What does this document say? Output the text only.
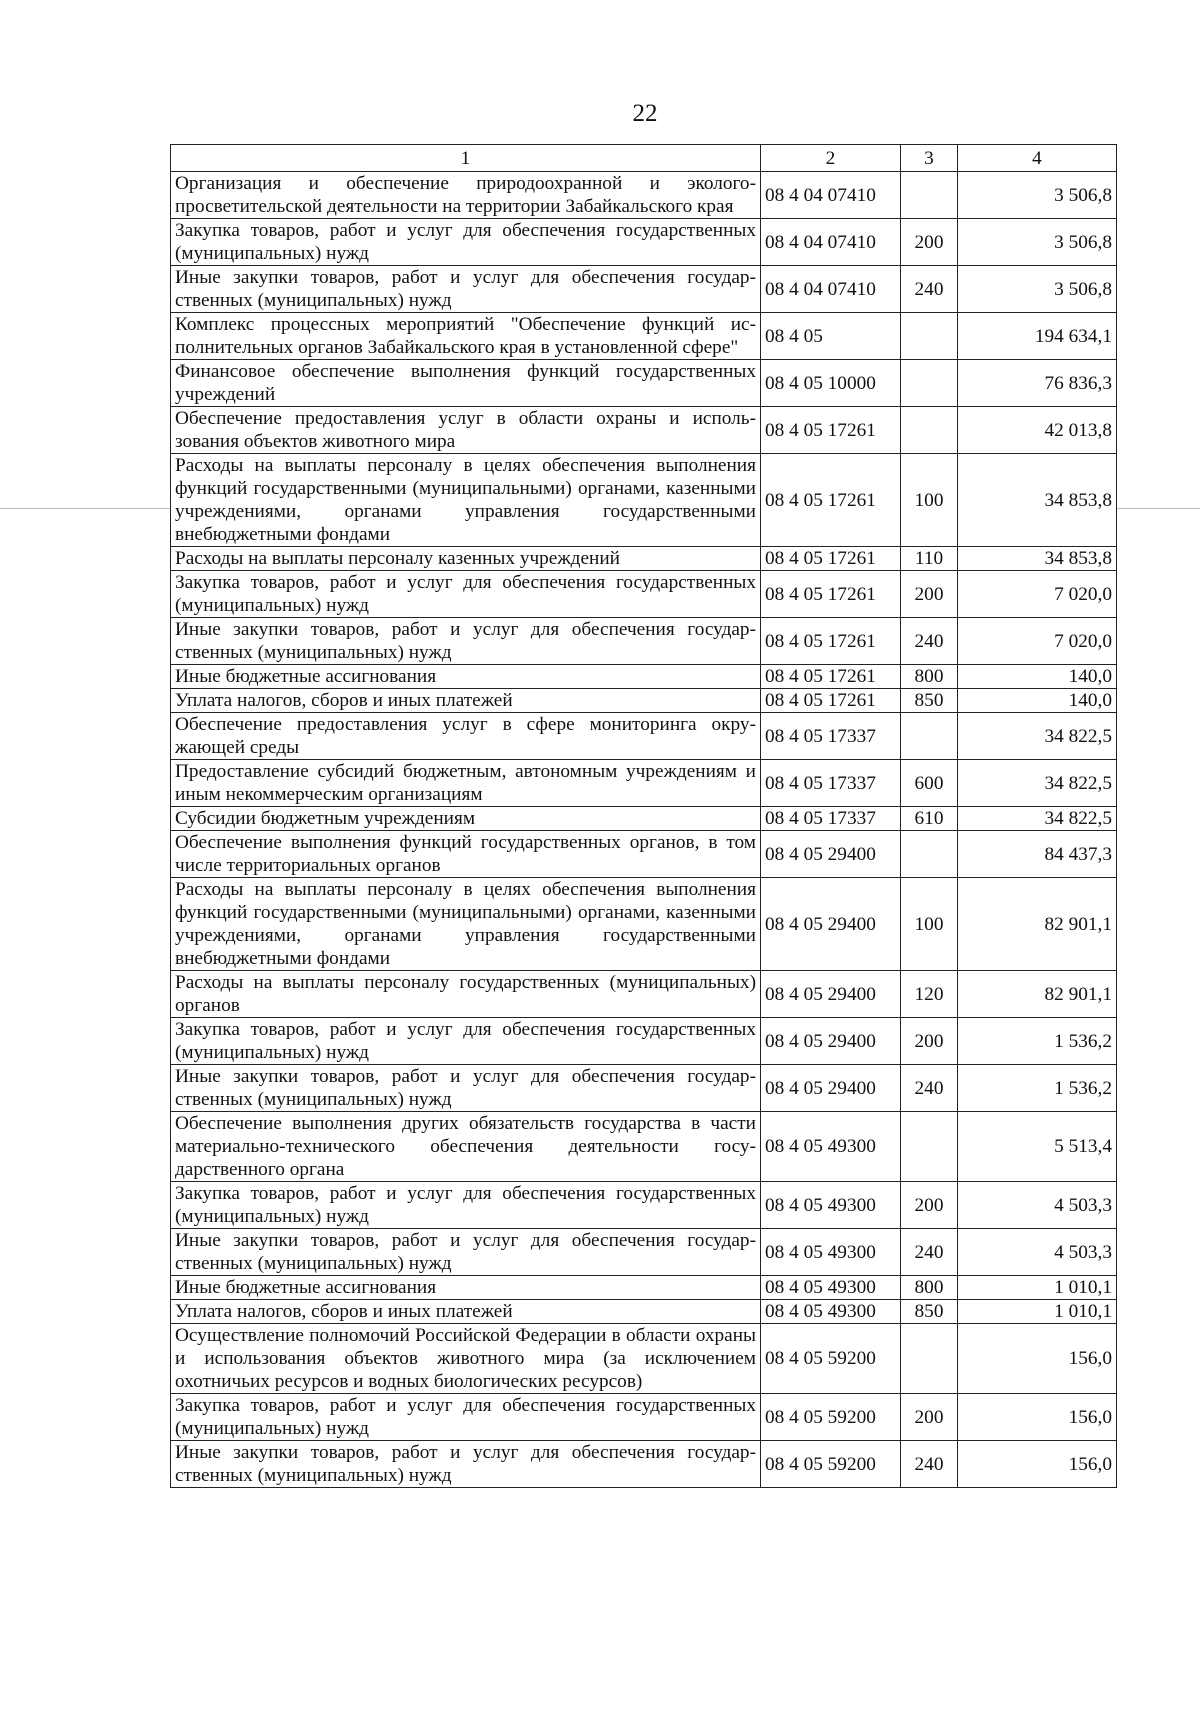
22
1	2	3	4
Организация и обеспечение природоохранной и эколого-просветительской деятельности на территории Забайкальского края	08 4 04 07410		3 506,8
Закупка товаров, работ и услуг для обеспечения государственных (муниципальных) нужд	08 4 04 07410	200	3 506,8
Иные закупки товаров, работ и услуг для обеспечения государственных (муниципальных) нужд	08 4 04 07410	240	3 506,8
Комплекс процессных мероприятий "Обеспечение функций исполнительных органов Забайкальского края в установленной сфере"	08 4 05		194 634,1
Финансовое обеспечение выполнения функций государственных учреждений	08 4 05 10000		76 836,3
Обеспечение предоставления услуг в области охраны и использования объектов животного мира	08 4 05 17261		42 013,8
Расходы на выплаты персоналу в целях обеспечения выполнения функций государственными (муниципальными) органами, казенными учреждениями, органами управления государственными внебюджетными фондами	08 4 05 17261	100	34 853,8
Расходы на выплаты персоналу казенных учреждений	08 4 05 17261	110	34 853,8
Закупка товаров, работ и услуг для обеспечения государственных (муниципальных) нужд	08 4 05 17261	200	7 020,0
Иные закупки товаров, работ и услуг для обеспечения государственных (муниципальных) нужд	08 4 05 17261	240	7 020,0
Иные бюджетные ассигнования	08 4 05 17261	800	140,0
Уплата налогов, сборов и иных платежей	08 4 05 17261	850	140,0
Обеспечение предоставления услуг в сфере мониторинга окружающей среды	08 4 05 17337		34 822,5
Предоставление субсидий бюджетным, автономным учреждениям и иным некоммерческим организациям	08 4 05 17337	600	34 822,5
Субсидии бюджетным учреждениям	08 4 05 17337	610	34 822,5
Обеспечение выполнения функций государственных органов, в том числе территориальных органов	08 4 05 29400		84 437,3
Расходы на выплаты персоналу в целях обеспечения выполнения функций государственными (муниципальными) органами, казенными учреждениями, органами управления государственными внебюджетными фондами	08 4 05 29400	100	82 901,1
Расходы на выплаты персоналу государственных (муниципальных) органов	08 4 05 29400	120	82 901,1
Закупка товаров, работ и услуг для обеспечения государственных (муниципальных) нужд	08 4 05 29400	200	1 536,2
Иные закупки товаров, работ и услуг для обеспечения государственных (муниципальных) нужд	08 4 05 29400	240	1 536,2
Обеспечение выполнения других обязательств государства в части материально-технического обеспечения деятельности государственного органа	08 4 05 49300		5 513,4
Закупка товаров, работ и услуг для обеспечения государственных (муниципальных) нужд	08 4 05 49300	200	4 503,3
Иные закупки товаров, работ и услуг для обеспечения государственных (муниципальных) нужд	08 4 05 49300	240	4 503,3
Иные бюджетные ассигнования	08 4 05 49300	800	1 010,1
Уплата налогов, сборов и иных платежей	08 4 05 49300	850	1 010,1
Осуществление полномочий Российской Федерации в области охраны и использования объектов животного мира (за исключением охотничьих ресурсов и водных биологических ресурсов)	08 4 05 59200		156,0
Закупка товаров, работ и услуг для обеспечения государственных (муниципальных) нужд	08 4 05 59200	200	156,0
Иные закупки товаров, работ и услуг для обеспечения государственных (муниципальных) нужд	08 4 05 59200	240	156,0
